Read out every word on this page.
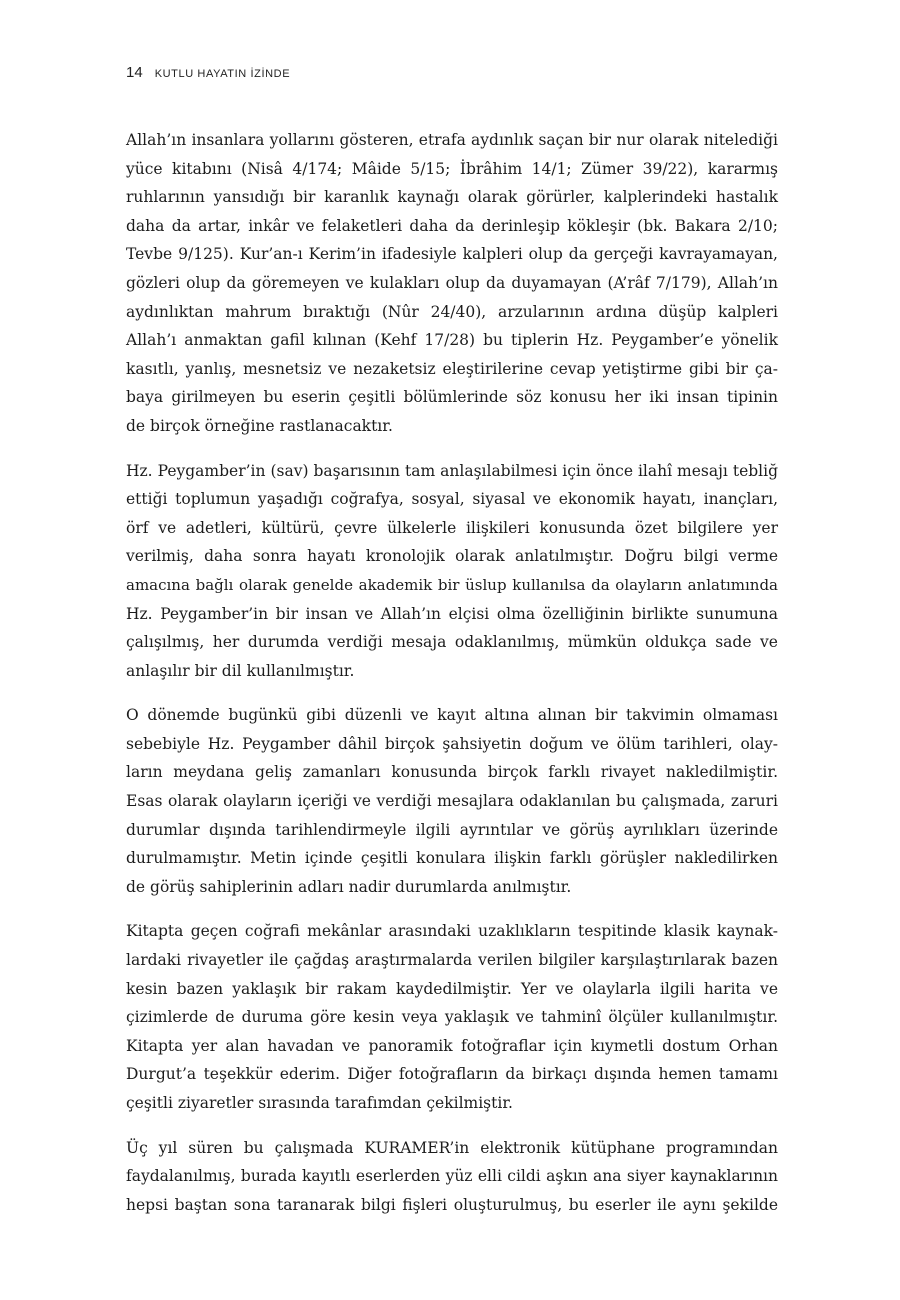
14 KUTLU HAYATIN İZİNDE

Allah’ın insanlara yollarını gösteren, etrafa aydınlık saçan bir nur olarak nitelediği
yüce kitabını (Nisâ 4/174; Mâide 5/15; İbrâhim 14/1; Zümer 39/22), kararmış
ruhlarının yansıdığı bir karanlık kaynağı olarak görürler, kalplerindeki hastalık
daha da artar, inkâr ve felaketleri daha da derinleşip kökleşir (bk. Bakara 2/10;
Tevbe 9/125). Kur’an-ı Kerim’in ifadesiyle kalpleri olup da gerçeği kavrayamayan,
gözleri olup da göremeyen ve kulakları olup da duyamayan (A’râf 7/179), Allah’ın
aydınlıktan mahrum bıraktığı (Nûr 24/40), arzularının ardına düşüp kalpleri
Allah’ı anmaktan gafil kılınan (Kehf 17/28) bu tiplerin Hz. Peygamber’e yönelik
kasıtlı, yanlış, mesnetsiz ve nezaketsiz eleştirilerine cevap yetiştirme gibi bir ça-
baya girilmeyen bu eserin çeşitli bölümlerinde söz konusu her iki insan tipinin
de birçok örneğine rastlanacaktır.

Hz. Peygamber’in (sav) başarısının tam anlaşılabilmesi için önce ilahî mesajı tebliğ
ettiği toplumun yaşadığı coğrafya, sosyal, siyasal ve ekonomik hayatı, inançları,
örf ve adetleri, kültürü, çevre ülkelerle ilişkileri konusunda özet bilgilere yer
verilmiş, daha sonra hayatı kronolojik olarak anlatılmıştır. Doğru bilgi verme
amacına bağlı olarak genelde akademik bir üslup kullanılsa da olayların anlatımında
Hz. Peygamber’in bir insan ve Allah’ın elçisi olma özelliğinin birlikte sunumuna
çalışılmış, her durumda verdiği mesaja odaklanılmış, mümkün oldukça sade ve
anlaşılır bir dil kullanılmıştır.

O dönemde bugünkü gibi düzenli ve kayıt altına alınan bir takvimin olmaması
sebebiyle Hz. Peygamber dâhil birçok şahsiyetin doğum ve ölüm tarihleri, olay-
ların meydana geliş zamanları konusunda birçok farklı rivayet nakledilmiştir.
Esas olarak olayların içeriği ve verdiği mesajlara odaklanılan bu çalışmada, zaruri
durumlar dışında tarihlendirmeyle ilgili ayrıntılar ve görüş ayrılıkları üzerinde
durulmamıştır. Metin içinde çeşitli konulara ilişkin farklı görüşler nakledilirken
de görüş sahiplerinin adları nadir durumlarda anılmıştır.

Kitapta geçen coğrafi mekânlar arasındaki uzaklıkların tespitinde klasik kaynak-
lardaki rivayetler ile çağdaş araştırmalarda verilen bilgiler karşılaştırılarak bazen
kesin bazen yaklaşık bir rakam kaydedilmiştir. Yer ve olaylarla ilgili harita ve
çizimlerde de duruma göre kesin veya yaklaşık ve tahminî ölçüler kullanılmıştır.
Kitapta yer alan havadan ve panoramik fotoğraflar için kıymetli dostum Orhan
Durgut’a teşekkür ederim. Diğer fotoğrafların da birkaçı dışında hemen tamamı
çeşitli ziyaretler sırasında tarafımdan çekilmiştir.

Üç yıl süren bu çalışmada KURAMER’in elektronik kütüphane programından
faydalanılmış, burada kayıtlı eserlerden yüz elli cildi aşkın ana siyer kaynaklarının
hepsi baştan sona taranarak bilgi fişleri oluşturulmuş, bu eserler ile aynı şekilde
